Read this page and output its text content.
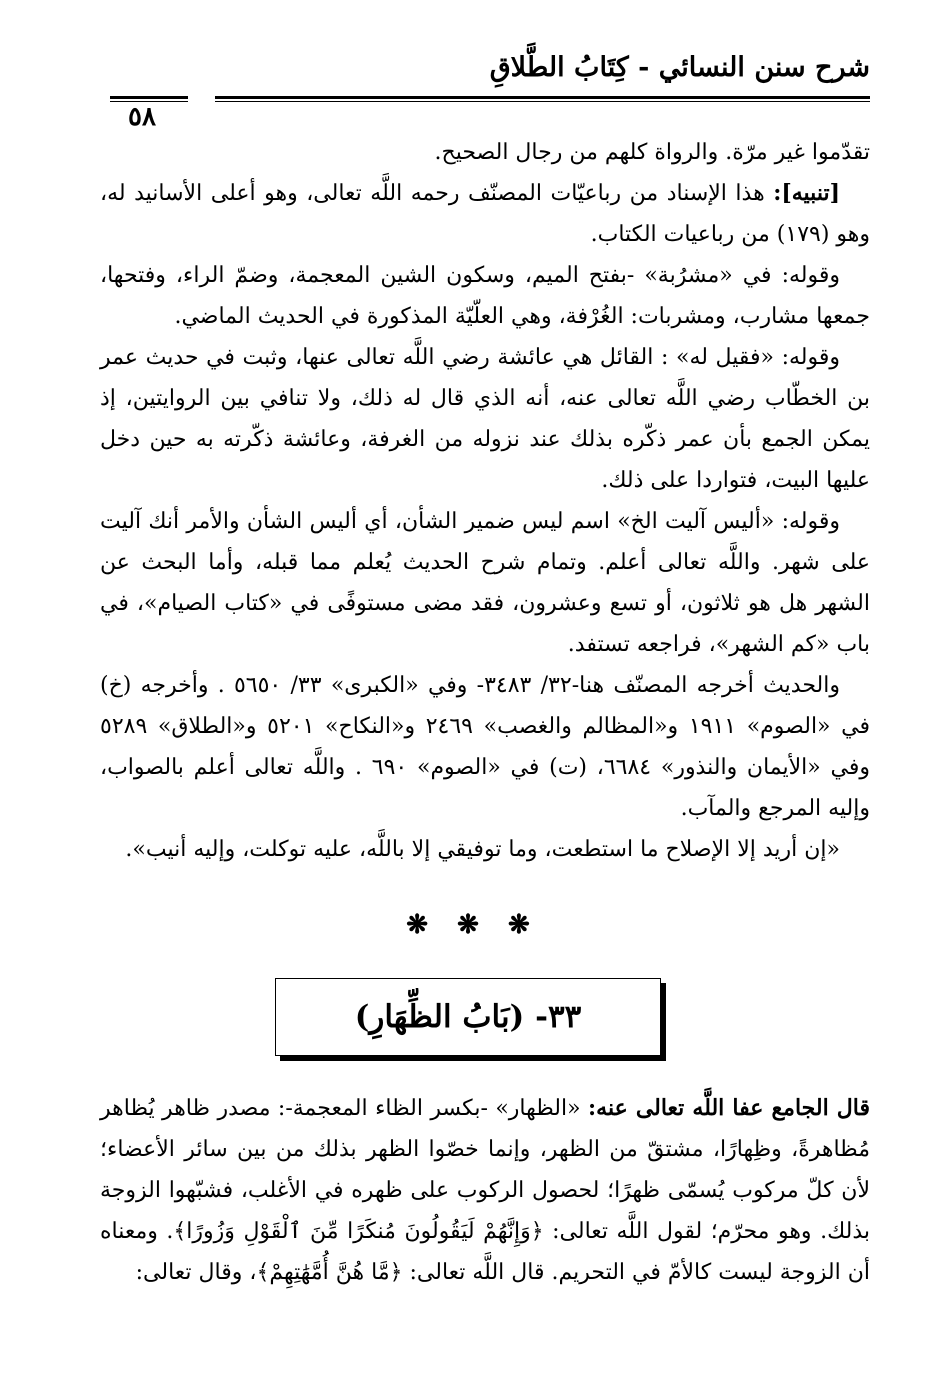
شرح سنن النسائي - كِتَابُ الطَّلاقِ
٥٨

تقدّموا غير مرّة. والرواة كلهم من رجال الصحيح.

[تنبيه]: هذا الإسناد من رباعيّات المصنّف رحمه اللَّه تعالى، وهو أعلى الأسانيد له، وهو (١٧٩) من رباعيات الكتاب.

وقوله: في «مشرُبة» -بفتح الميم، وسكون الشين المعجمة، وضمّ الراء، وفتحها، جمعها مشارب، ومشربات: الغُرْفة، وهي العلّيّة المذكورة في الحديث الماضي.

وقوله: «فقيل له» : القائل هي عائشة رضي اللَّه تعالى عنها، وثبت في حديث عمر بن الخطّاب رضي اللَّه تعالى عنه، أنه الذي قال له ذلك، ولا تنافي بين الروايتين، إذ يمكن الجمع بأن عمر ذكّره بذلك عند نزوله من الغرفة، وعائشة ذكّرته به حين دخل عليها البيت، فتواردا على ذلك.

وقوله: «أليس آليت الخ» اسم ليس ضمير الشأن، أي أليس الشأن والأمر أنك آليت على شهر. واللَّه تعالى أعلم. وتمام شرح الحديث يُعلم مما قبله، وأما البحث عن الشهر هل هو ثلاثون، أو تسع وعشرون، فقد مضى مستوفًى في «كتاب الصيام»، في باب «كم الشهر»، فراجعه تستفد.

والحديث أخرجه المصنّف هنا-٣٢/ ٣٤٨٣- وفي «الكبرى» ٣٣/ ٥٦٥٠ . وأخرجه (خ) في «الصوم» ١٩١١ و«المظالم والغصب» ٢٤٦٩ و«النكاح» ٥٢٠١ و«الطلاق» ٥٢٨٩ وفي «الأيمان والنذور» ٦٦٨٤، (ت) في «الصوم» ٦٩٠ . واللَّه تعالى أعلم بالصواب، وإليه المرجع والمآب.

«إن أريد إلا الإصلاح ما استطعت، وما توفيقي إلا باللَّه، عليه توكلت، وإليه أنيب».

❋ ❋ ❋
٣٣- (بَابُ الظِّهَارِ)

قال الجامع عفا اللَّه تعالى عنه: «الظهار» -بكسر الظاء المعجمة-: مصدر ظاهر يُظاهر مُظاهرةً، وظِهارًا، مشتقّ من الظهر، وإنما خصّوا الظهر بذلك من بين سائر الأعضاء؛ لأن كلّ مركوب يُسمّى ظهرًا؛ لحصول الركوب على ظهره في الأغلب، فشبّهوا الزوجة بذلك. وهو محرّم؛ لقول اللَّه تعالى: ﴿وَإِنَّهُمْ لَيَقُولُونَ مُنكَرًا مِّنَ ٱلْقَوْلِ وَزُورًا﴾. ومعناه أن الزوجة ليست كالأمّ في التحريم. قال اللَّه تعالى: ﴿مَّا هُنَّ أُمَّهَٰتِهِمْ﴾، وقال تعالى:
